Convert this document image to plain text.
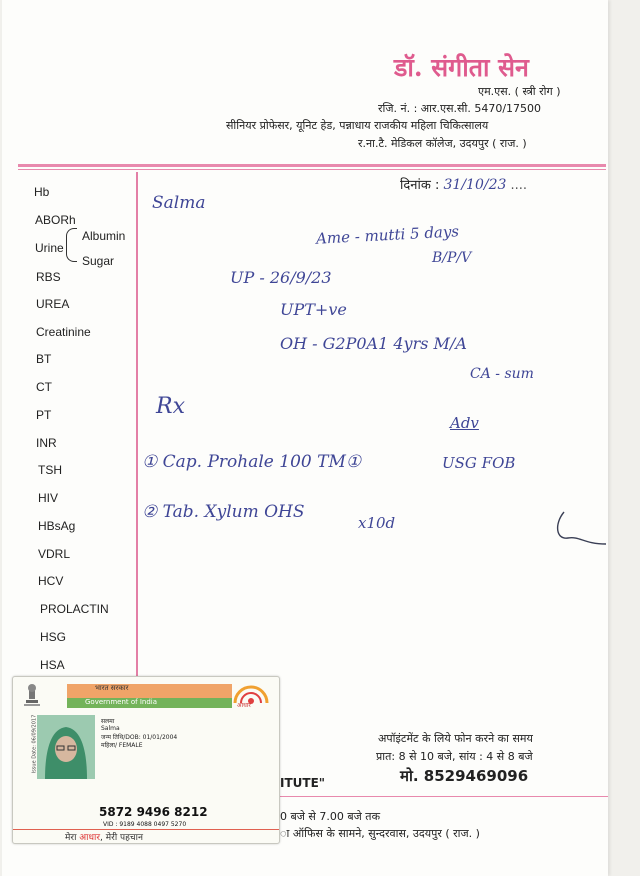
डॉ. संगीता सेन
एम.एस. ( स्त्री रोग )
रजि. नं. : आर.एस.सी. 5470/17500
सीनियर प्रोफेसर, यूनिट हेड, पन्नाधाय राजकीय महिला चिकित्सालय
र.ना.टै. मेडिकल कॉलेज, उदयपुर ( राज. )
दिनांक : 31/10/23 ....
Hb
ABORh
Albumin
Urine
Sugar
RBS
UREA
Creatinine
BT
CT
PT
INR
TSH
HIV
HBsAg
VDRL
HCV
PROLACTIN
HSG
HSA
Salma
Ame - mutti 5 days
B/P/V
UP - 26/9/23
UPT+ve
OH - G2P0A1 4yrs M/A
CA - sum
Rx
Adv
① Cap. Prohale 100 TM①	USG FOB
② Tab. Xylum OHS
x10d
अपॉइंटमेंट के लिये फोन करने का समय
प्रात: 8 से 10 बजे, सांय : 4 से 8 बजे
मो. 8529469096
ITUTE"
0 बजे से 7.00 बजे तक
ा ऑफिस के सामने, सुन्दरवास, उदयपुर ( राज. )
भारत सरकार
Government of India	आधार
Issue Date: 06/09/2017	सलमा
Salma
जन्म तिथि/DOB: 01/01/2004
महिला/ FEMALE
5872 9496 8212
VID : 9189 4088 0497 5270
मेरा आधार, मेरी पहचान
